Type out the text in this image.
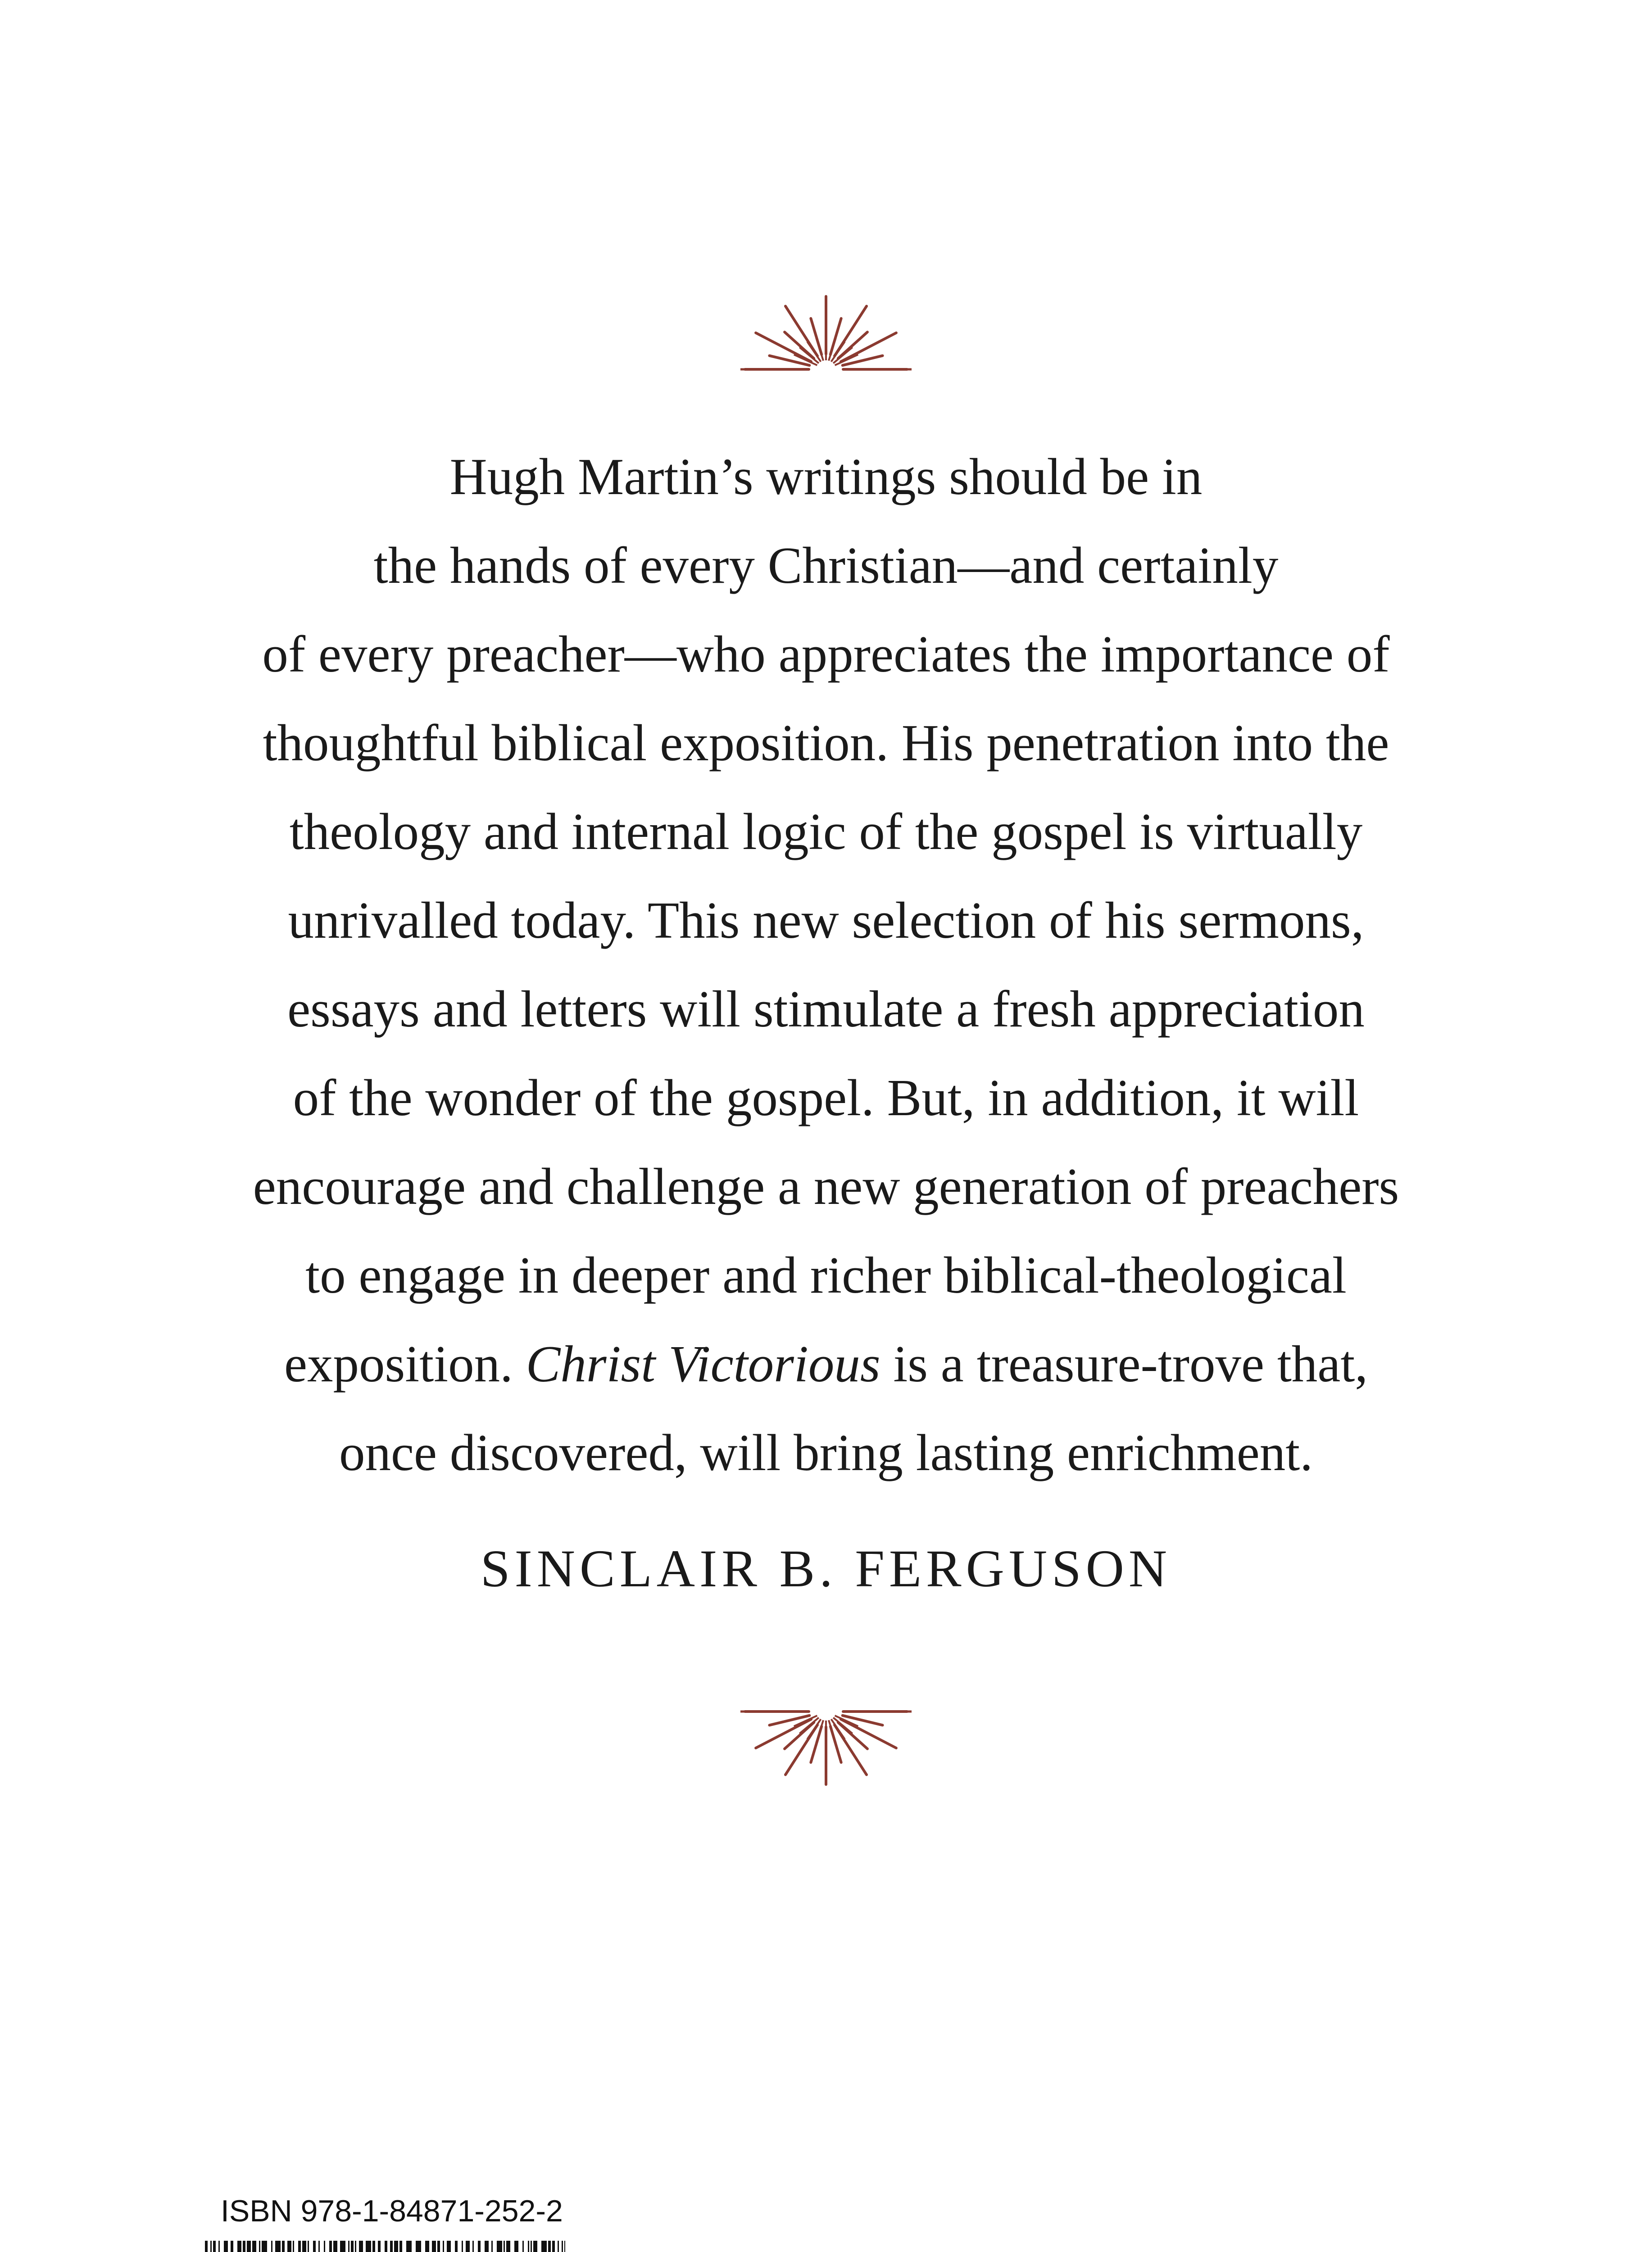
Hugh Martin’s writings should be in
the hands of every Christian—and certainly
of every preacher—who appreciates the importance of
thoughtful biblical exposition. His penetration into the
theology and internal logic of the gospel is virtually
unrivalled today. This new selection of his sermons,
essays and letters will stimulate a fresh appreciation
of the wonder of the gospel. But, in addition, it will
encourage and challenge a new generation of preachers
to engage in deeper and richer biblical-theological
exposition. Christ Victorious is a treasure-trove that,
once discovered, will bring lasting enrichment.

SINCLAIR B. FERGUSON
ISBN 978-1-84871-252-2
